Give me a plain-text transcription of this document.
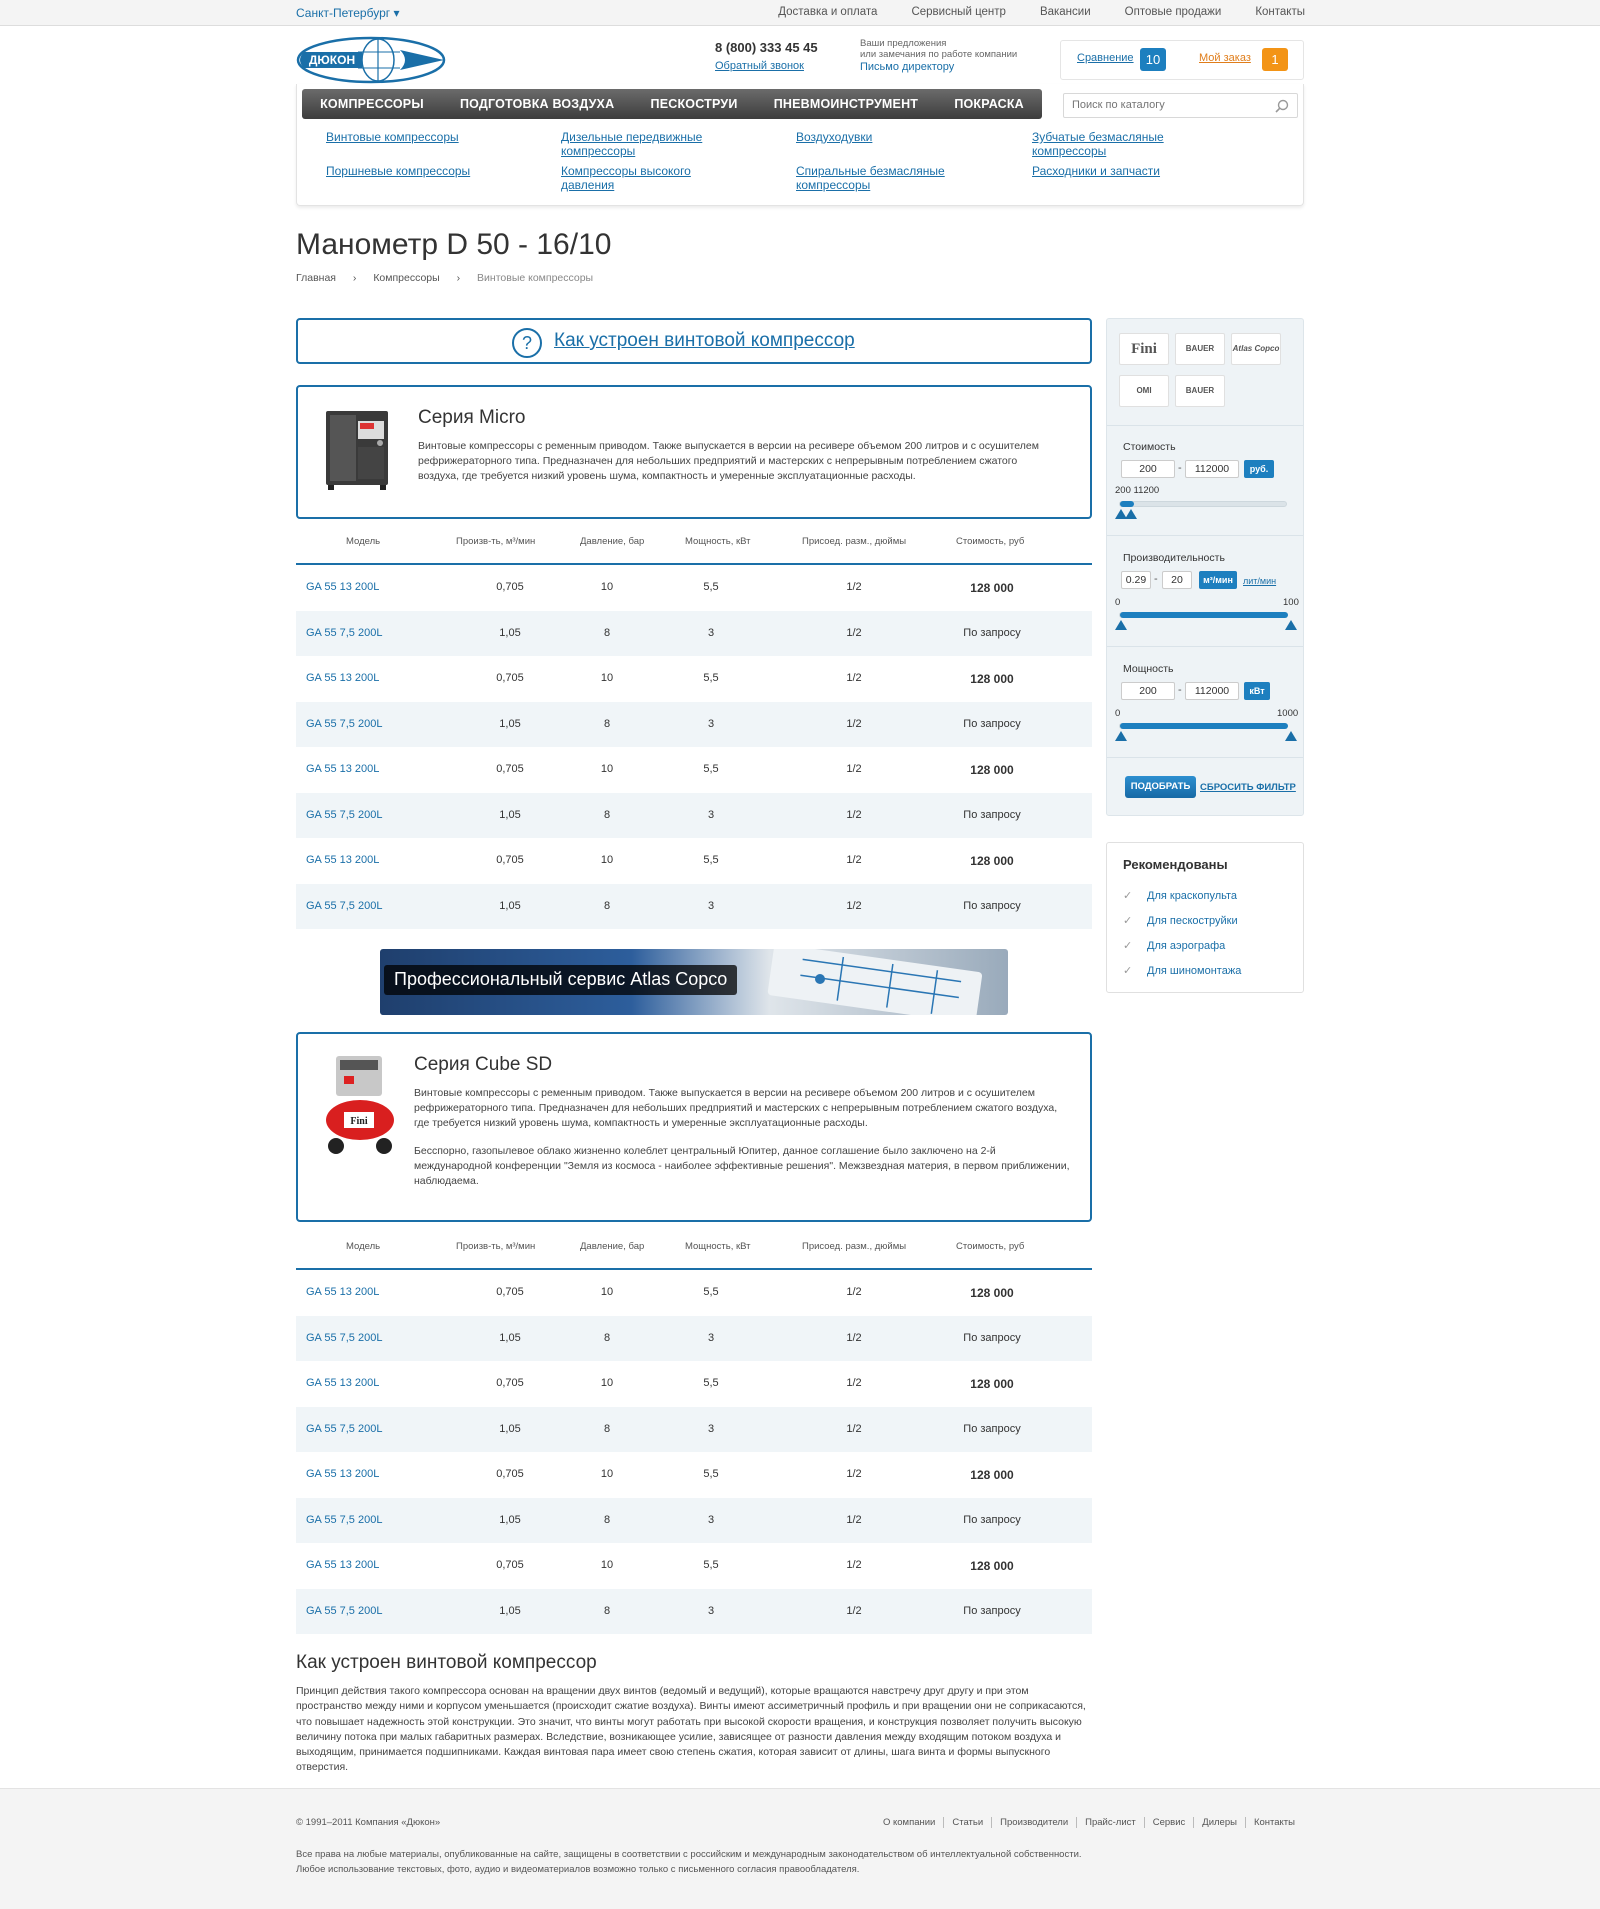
Санкт-Петербург ▾	Доставка и оплата	Сервисный центр	Вакансии	Оптовые продажи	Контакты
ДЮКОН
8 (800) 333 45 45
Обратный звонок
Ваши предложения
или замечания по работе компании
Письмо директору
Сравнение 10	Мой заказ	1
КОМПРЕССОРЫ	ПОДГОТОВКА ВОЗДУХА	ПЕСКОСТРУИ	ПНЕВМОИНСТРУМЕНТ	ПОКРАСКА
Поиск по каталогу
Винтовые компрессоры
Поршневые компрессоры
Дизельные передвижные компрессоры
Компрессоры высокого давления
Воздуходувки
Спиральные безмасляные компрессоры
Зубчатые безмасляные компрессоры
Расходники и запчасти
Манометр D 50 - 16/10
Главная › Компрессоры › Винтовые компрессоры
?	Как устроен винтовой компрессор
Серия Micro

Винтовые компрессоры с ременным приводом. Также выпускается в версии на ресивере объемом 200 литров и с осушителем рефрижераторного типа. Предназначен для небольших предприятий и мастерских с непрерывным потреблением сжатого воздуха, где требуется низкий уровень шума, компактность и умеренные эксплуатационные расходы.

Модель	Произв-ть, м³/мин	Давление, бар	Мощность, кВт	Присоед. разм., дюймы	Стоимость, руб
GA 55 13 200L	0,705	10	5,5	1/2	128 000
GA 55 7,5 200L	1,05	8	3	1/2	По запросу
GA 55 13 200L	0,705	10	5,5	1/2	128 000
GA 55 7,5 200L	1,05	8	3	1/2	По запросу
GA 55 13 200L	0,705	10	5,5	1/2	128 000
GA 55 7,5 200L	1,05	8	3	1/2	По запросу
GA 55 13 200L	0,705	10	5,5	1/2	128 000
GA 55 7,5 200L	1,05	8	3	1/2	По запросу
Профессиональный сервис Atlas Copco
Fini
Серия Cube SD

Винтовые компрессоры с ременным приводом. Также выпускается в версии на ресивере объемом 200 литров и с осушителем рефрижераторного типа. Предназначен для небольших предприятий и мастерских с непрерывным потреблением сжатого воздуха, где требуется низкий уровень шума, компактность и умеренные эксплуатационные расходы.

Бесспорно, газопылевое облако жизненно колеблет центральный Юпитер, данное соглашение было заключено на 2-й международной конференции "Земля из космоса - наиболее эффективные решения". Межзвездная материя, в первом приближении, наблюдаема.

Модель	Произв-ть, м³/мин	Давление, бар	Мощность, кВт	Присоед. разм., дюймы	Стоимость, руб
GA 55 13 200L	0,705	10	5,5	1/2	128 000
GA 55 7,5 200L	1,05	8	3	1/2	По запросу
GA 55 13 200L	0,705	10	5,5	1/2	128 000
GA 55 7,5 200L	1,05	8	3	1/2	По запросу
GA 55 13 200L	0,705	10	5,5	1/2	128 000
GA 55 7,5 200L	1,05	8	3	1/2	По запросу
GA 55 13 200L	0,705	10	5,5	1/2	128 000
GA 55 7,5 200L	1,05	8	3	1/2	По запросу
Как устроен винтовой компрессор

Принцип действия такого компрессора основан на вращении двух винтов (ведомый и ведущий), которые вращаются навстречу друг другу и при этом пространство между ними и корпусом уменьшается (происходит сжатие воздуха). Винты имеют ассиметричный профиль и при вращении они не соприкасаются, что повышает надежность этой конструкции. Это значит, что винты могут работать при высокой скорости вращения, и конструкция позволяет получить высокую величину потока при малых габаритных размерах. Вследствие, возникающее усилие, зависящее от разности давления между входящим потоком воздуха и выходящим, принимается подшипниками. Каждая винтовая пара имеет свою степень сжатия, которая зависит от длины, шага винта и формы выпускного отверстия.

Fini	BAUER	Atlas Copco
OMI	BAUER
Стоимость
200	-	112000	руб.
200 11200
Производительность
0.29 -	20	м³/мин	лит/мин
0	100
Мощность
200	-	112000	кВт
0	1000
ПОДОБРАТЬ	СБРОСИТЬ ФИЛЬТР
Рекомендованы
✓ Для краскопульта
✓ Для пескоструйки
✓ Для аэрографа
✓ Для шиномонтажа
© 1991–2011 Компания «Дюкон»	О компании Статьи Производители Прайс-лист Сервис Дилеры Контакты
Все права на любые материалы, опубликованные на сайте, защищены в соответствии с российским и международным законодательством об интеллектуальной собственности.
Любое использование текстовых, фото, аудио и видеоматериалов возможно только с письменного согласия правообладателя.
